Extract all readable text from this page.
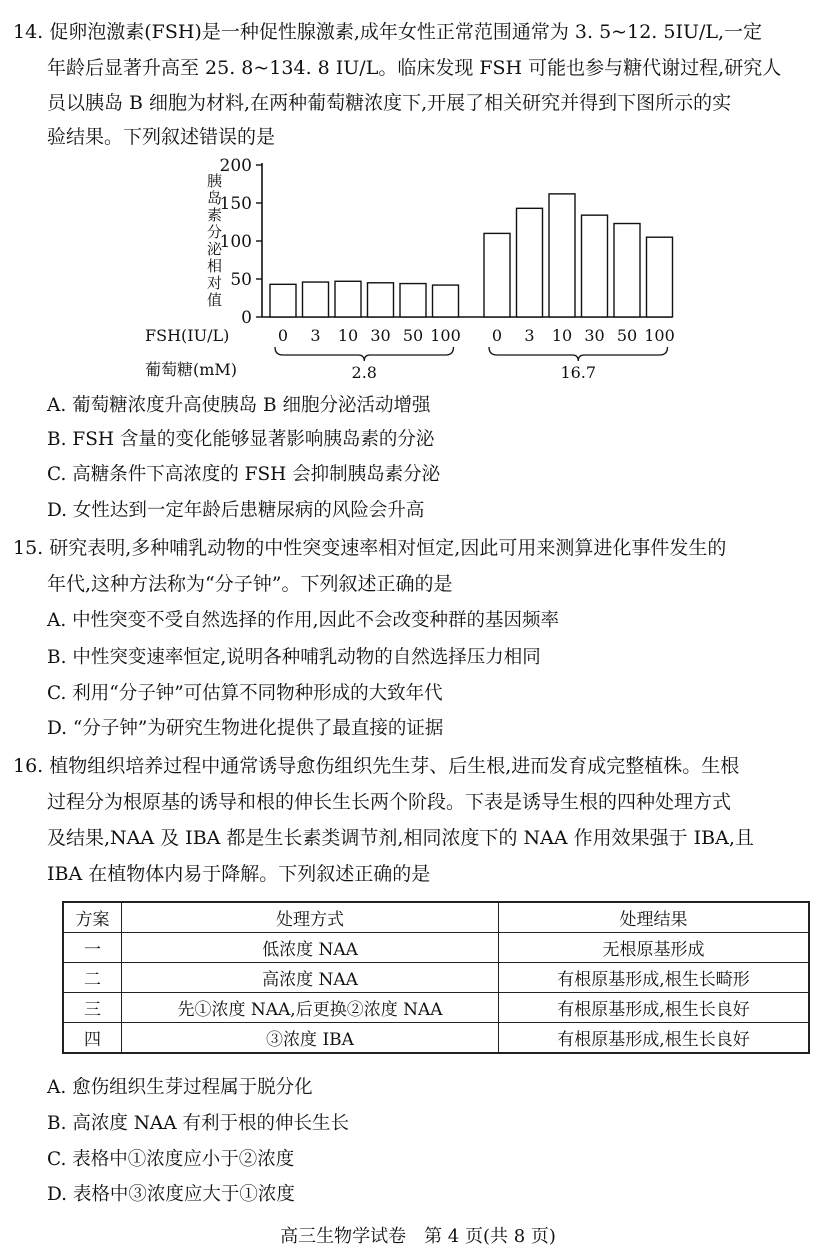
14. 促卵泡激素(FSH)是一种促性腺激素,成年女性正常范围通常为 3. 5~12. 5IU/L,一定
年龄后显著升高至 25. 8~134. 8 IU/L。临床发现 FSH 可能也参与糖代谢过程,研究人
员以胰岛 B 细胞为材料,在两种葡萄糖浓度下,开展了相关研究并得到下图所示的实
验结果。下列叙述错误的是
0
50
100
150
200
胰岛素分泌相对值
0 3 10 30 50 100
2.8
0 3 10 30 50 100
16.7
FSH(IU/L)
葡萄糖(mM)
A. 葡萄糖浓度升高使胰岛 B 细胞分泌活动增强
B. FSH 含量的变化能够显著影响胰岛素的分泌
C. 高糖条件下高浓度的 FSH 会抑制胰岛素分泌
D. 女性达到一定年龄后患糖尿病的风险会升高
15. 研究表明,多种哺乳动物的中性突变速率相对恒定,因此可用来测算进化事件发生的
年代,这种方法称为“分子钟”。下列叙述正确的是
A. 中性突变不受自然选择的作用,因此不会改变种群的基因频率
B. 中性突变速率恒定,说明各种哺乳动物的自然选择压力相同
C. 利用“分子钟”可估算不同物种形成的大致年代
D. “分子钟”为研究生物进化提供了最直接的证据
16. 植物组织培养过程中通常诱导愈伤组织先生芽、后生根,进而发育成完整植株。生根
过程分为根原基的诱导和根的伸长生长两个阶段。下表是诱导生根的四种处理方式
及结果,NAA 及 IBA 都是生长素类调节剂,相同浓度下的 NAA 作用效果强于 IBA,且
IBA 在植物体内易于降解。下列叙述正确的是
方案	处理方式	处理结果
一	低浓度 NAA	无根原基形成
二	高浓度 NAA	有根原基形成,根生长畸形
三	先①浓度 NAA,后更换②浓度 NAA	有根原基形成,根生长良好
四	③浓度 IBA	有根原基形成,根生长良好
A. 愈伤组织生芽过程属于脱分化
B. 高浓度 NAA 有利于根的伸长生长
C. 表格中①浓度应小于②浓度
D. 表格中③浓度应大于①浓度
高三生物学试卷　第 4 页(共 8 页)
